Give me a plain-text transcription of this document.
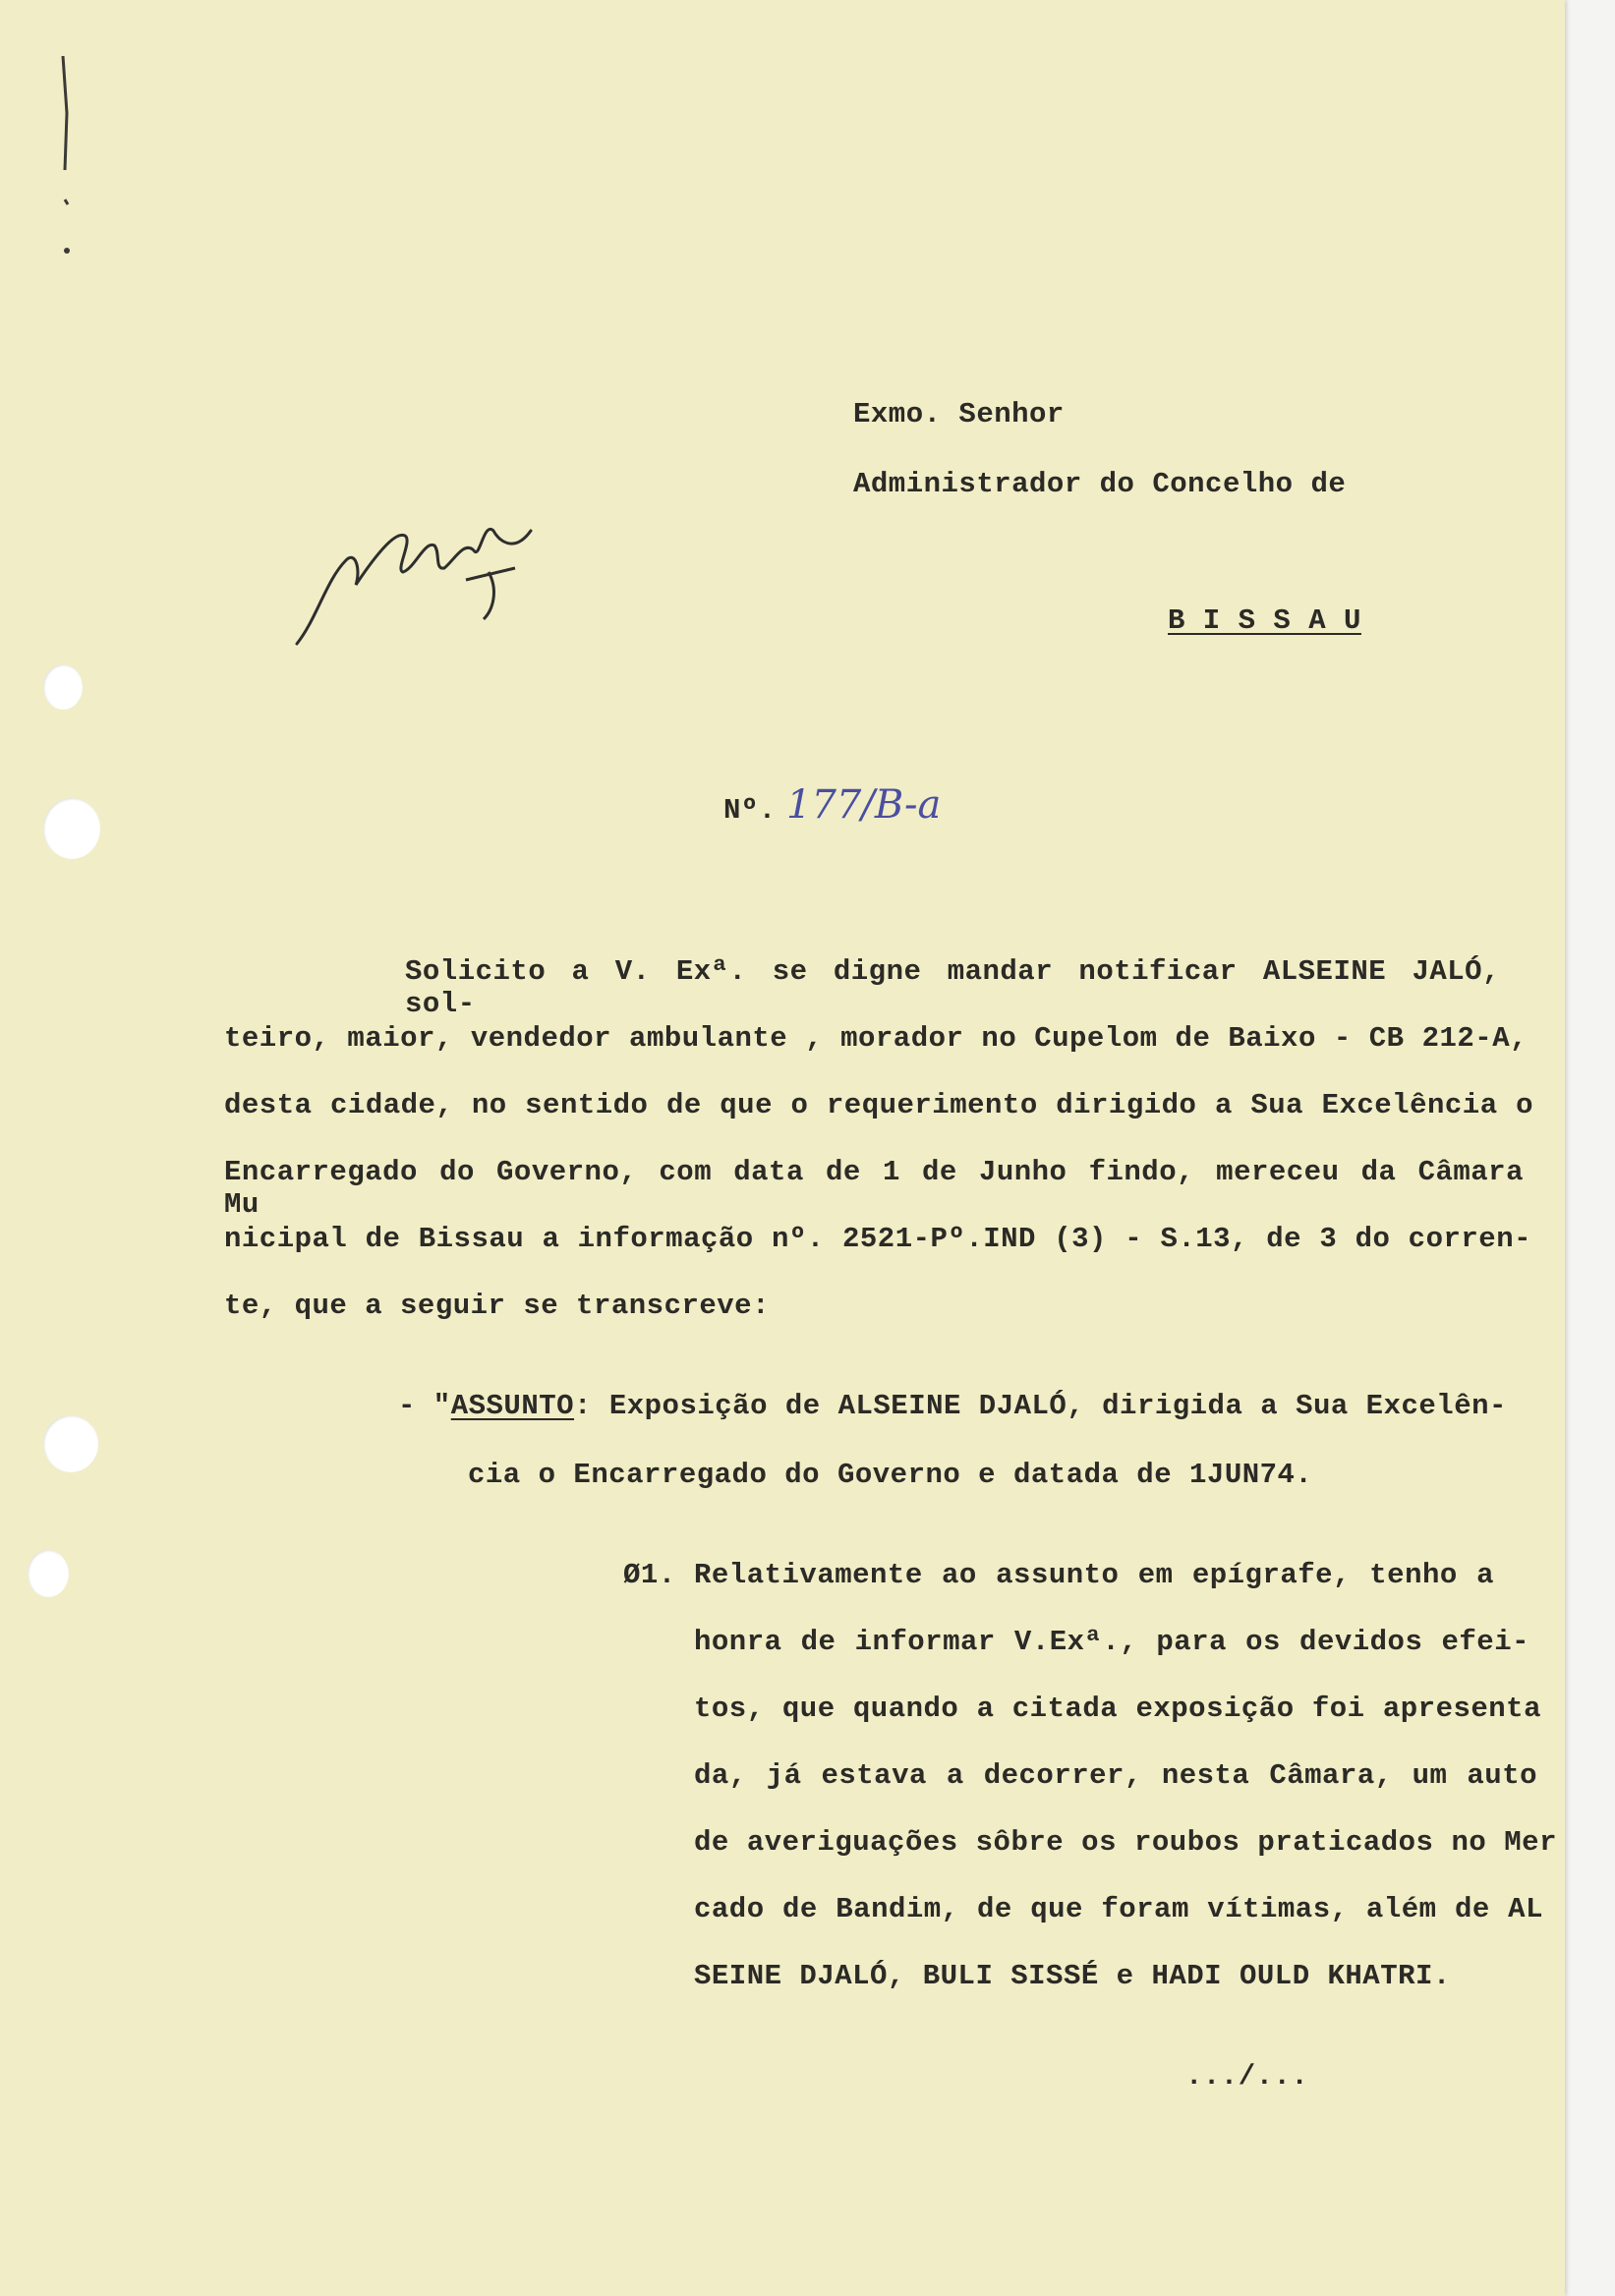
Exmo. Senhor
Administrador do Concelho de
B I S S A U
Nº. 177/B-a
Solicito a V. Exª. se digne mandar notificar ALSEINE JALÓ, sol-
teiro, maior, vendedor ambulante , morador no Cupelom de Baixo - CB 212-A,
desta cidade, no sentido de que o requerimento dirigido a Sua Excelência o
Encarregado do Governo, com data de 1 de Junho findo, mereceu da Câmara Mu
nicipal de Bissau a informação nº. 2521-Pº.IND (3) - S.13, de 3 do corren-
te, que a seguir se transcreve:
- "ASSUNTO: Exposição de ALSEINE DJALÓ, dirigida a Sua Excelên-
cia o Encarregado do Governo e datada de 1JUN74.
Ø1. Relativamente ao assunto em epígrafe, tenho a
honra de informar V.Exª., para os devidos efei-
tos, que quando a citada exposição foi apresenta
da, já estava a decorrer, nesta Câmara, um auto
de averiguações sôbre os roubos praticados no Mer
cado de Bandim, de que foram vítimas, além de AL
SEINE DJALÓ, BULI SISSÉ e HADI OULD KHATRI.
.../...
